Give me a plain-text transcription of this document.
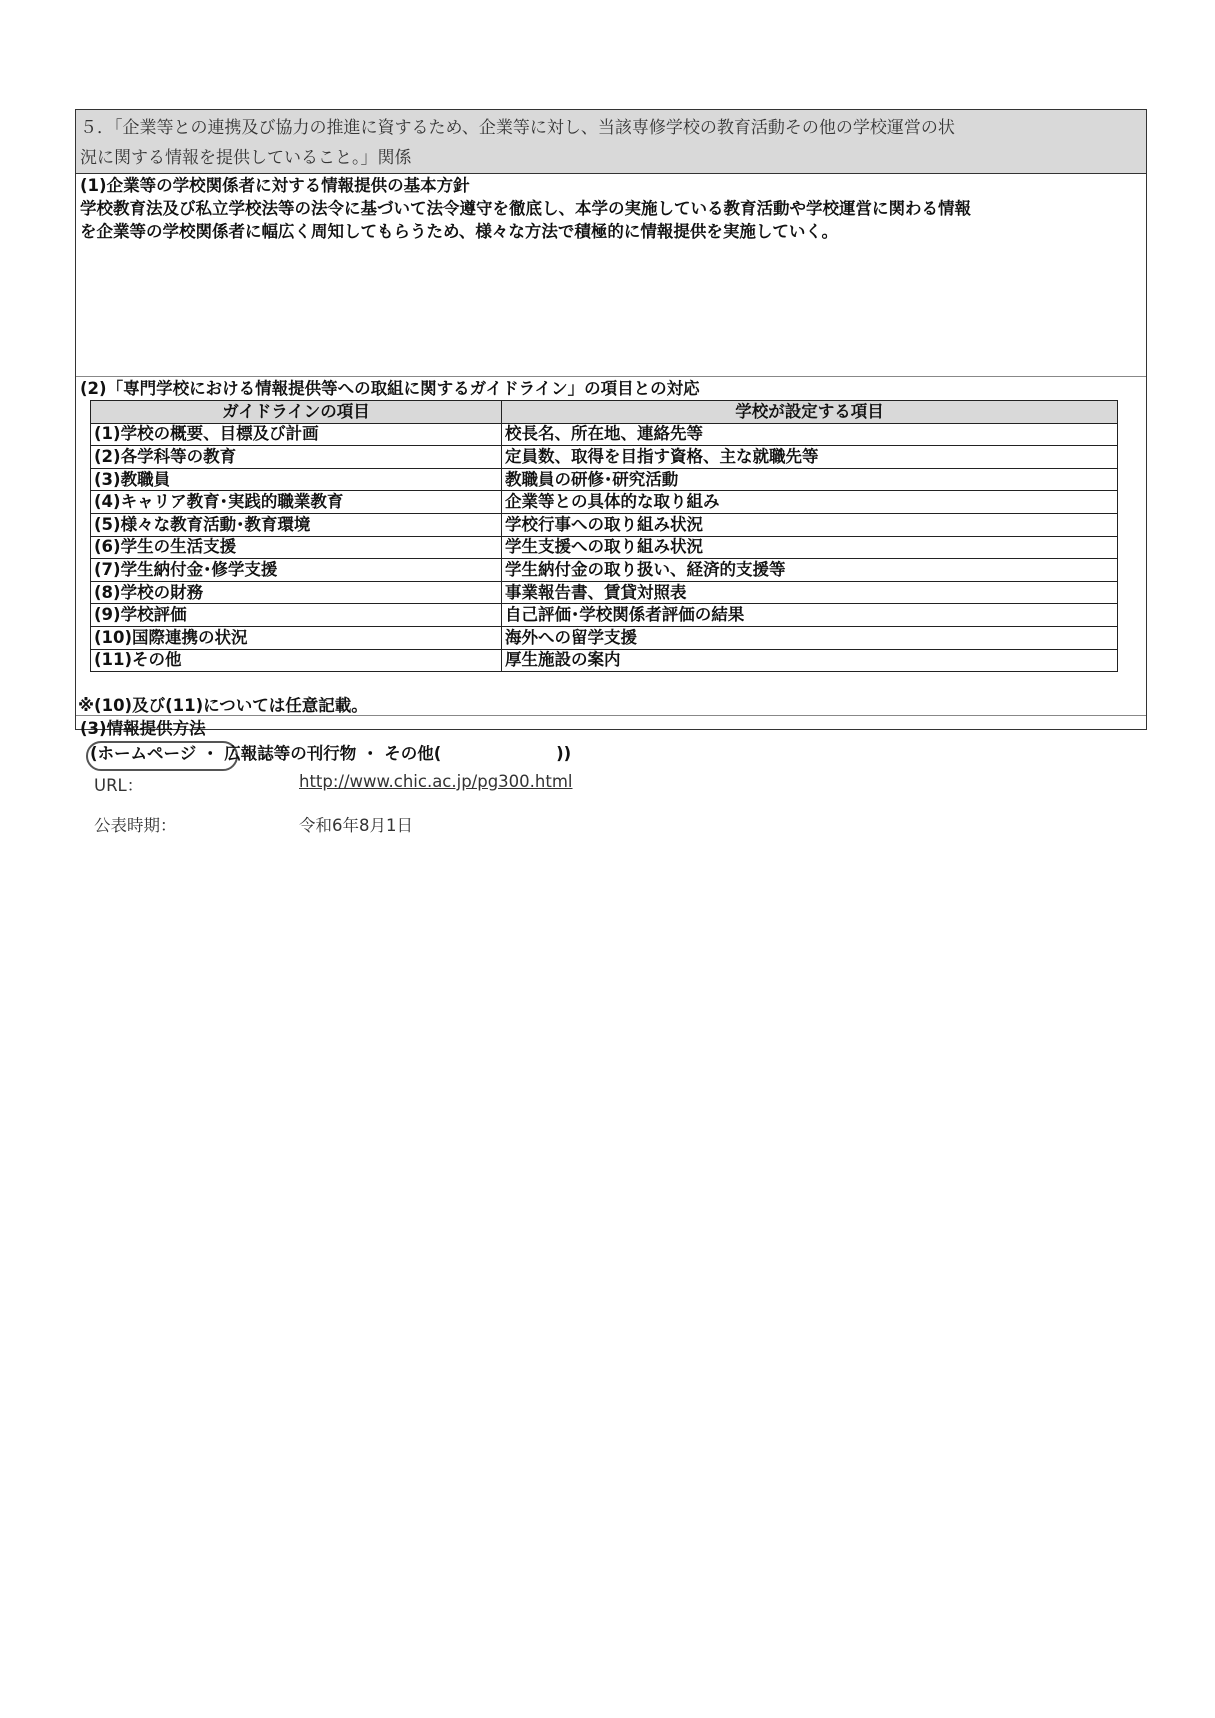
５．「企業等との連携及び協力の推進に資するため、企業等に対し、当該専修学校の教育活動その他の学校運営の状
況に関する情報を提供していること。」関係
(1)企業等の学校関係者に対する情報提供の基本方針
学校教育法及び私立学校法等の法令に基づいて法令遵守を徹底し、本学の実施している教育活動や学校運営に関わる情報
を企業等の学校関係者に幅広く周知してもらうため、様々な方法で積極的に情報提供を実施していく。
(2)「専門学校における情報提供等への取組に関するガイドライン」の項目との対応
ガイドラインの項目	学校が設定する項目
(1)学校の概要、目標及び計画	校長名、所在地、連絡先等
(2)各学科等の教育	定員数、取得を目指す資格、主な就職先等
(3)教職員	教職員の研修･研究活動
(4)キャリア教育･実践的職業教育	企業等との具体的な取り組み
(5)様々な教育活動･教育環境	学校行事への取り組み状況
(6)学生の生活支援	学生支援への取り組み状況
(7)学生納付金･修学支援	学生納付金の取り扱い、経済的支援等
(8)学校の財務	事業報告書、賃貸対照表
(9)学校評価	自己評価･学校関係者評価の結果
(10)国際連携の状況	海外への留学支援
(11)その他	厚生施設の案内
※(10)及び(11)については任意記載。
(3)情報提供方法
(ホームページ ・ 広報誌等の刊行物 ・ その他(                    ))
URL：	http://www.chic.ac.jp/pg300.html
公表時期：	令和6年8月1日
